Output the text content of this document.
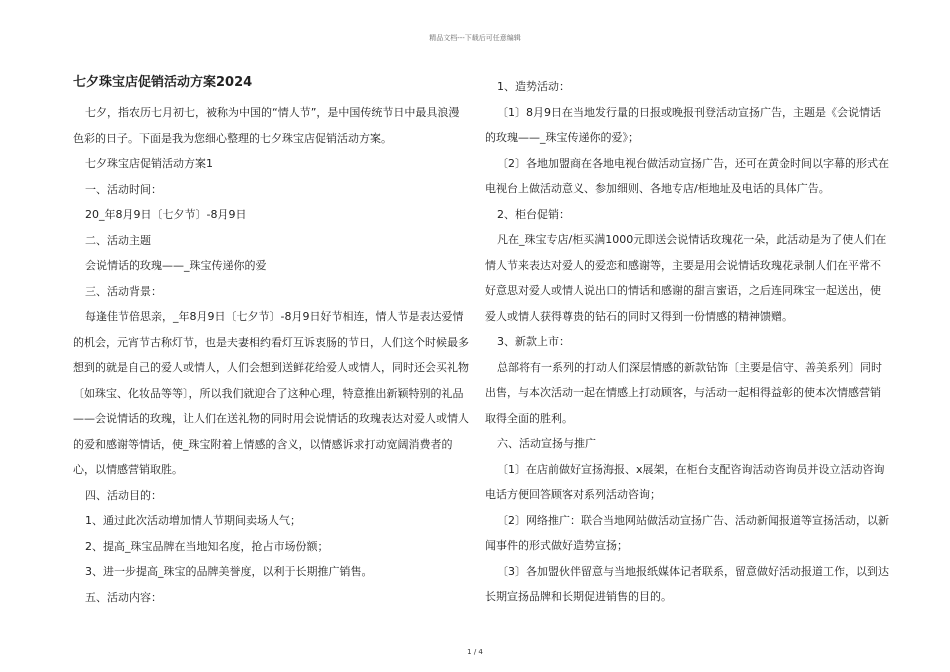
精品文档---下载后可任意编辑
七夕珠宝店促销活动方案2024

七夕，指农历七月初七，被称为中国的“情人节”，是中国传统节日中最具浪漫色彩的日子。下面是我为您细心整理的七夕珠宝店促销活动方案。

七夕珠宝店促销活动方案1

一、活动时间：

20_年8月9日〔七夕节〕-8月9日

二、活动主题

会说情话的玫瑰——_珠宝传递你的爱

三、活动背景：

每逢佳节倍思亲，_年8月9日〔七夕节〕-8月9日好节相连，情人节是表达爱情的机会，元宵节古称灯节，也是夫妻相约看灯互诉衷肠的节日，人们这个时候最多想到的就是自己的爱人或情人，人们会想到送鲜花给爱人或情人，同时还会买礼物〔如珠宝、化妆品等等〕，所以我们就迎合了这种心理，特意推出新颖特别的礼品——会说情话的玫瑰，让人们在送礼物的同时用会说情话的玫瑰表达对爱人或情人的爱和感谢等情话，使_珠宝附着上情感的含义，以情感诉求打动宽阔消费者的心，以情感营销取胜。

四、活动目的：

1、通过此次活动增加情人节期间卖场人气；

2、提高_珠宝品牌在当地知名度，抢占市场份额；

3、进一步提高_珠宝的品牌美誉度，以利于长期推广销售。

五、活动内容：

1、造势活动：

〔1〕8月9日在当地发行量的日报或晚报刊登活动宣扬广告，主题是《会说情话的玫瑰——_珠宝传递你的爱》；

〔2〕各地加盟商在各地电视台做活动宣扬广告，还可在黄金时间以字幕的形式在电视台上做活动意义、参加细则、各地专店/柜地址及电话的具体广告。

2、柜台促销：

凡在_珠宝专店/柜买满1000元即送会说情话玫瑰花一朵，此活动是为了使人们在情人节来表达对爱人的爱恋和感谢等，主要是用会说情话玫瑰花录制人们在平常不好意思对爱人或情人说出口的情话和感谢的甜言蜜语，之后连同珠宝一起送出，使爱人或情人获得尊贵的钻石的同时又得到一份情感的精神馈赠。

3、新款上市：

总部将有一系列的打动人们深层情感的新款钻饰〔主要是信守、善美系列〕同时出售，与本次活动一起在情感上打动顾客，与活动一起相得益彰的使本次情感营销取得全面的胜利。

六、活动宣扬与推广

〔1〕在店前做好宣扬海报、x展架，在柜台支配咨询活动咨询员并设立活动咨询电话方便回答顾客对系列活动咨询；

〔2〕网络推广：联合当地网站做活动宣扬广告、活动新闻报道等宣扬活动，以新闻事件的形式做好造势宣扬；

〔3〕各加盟伙伴留意与当地报纸媒体记者联系，留意做好活动报道工作，以到达长期宣扬品牌和长期促进销售的目的。

1 / 4
